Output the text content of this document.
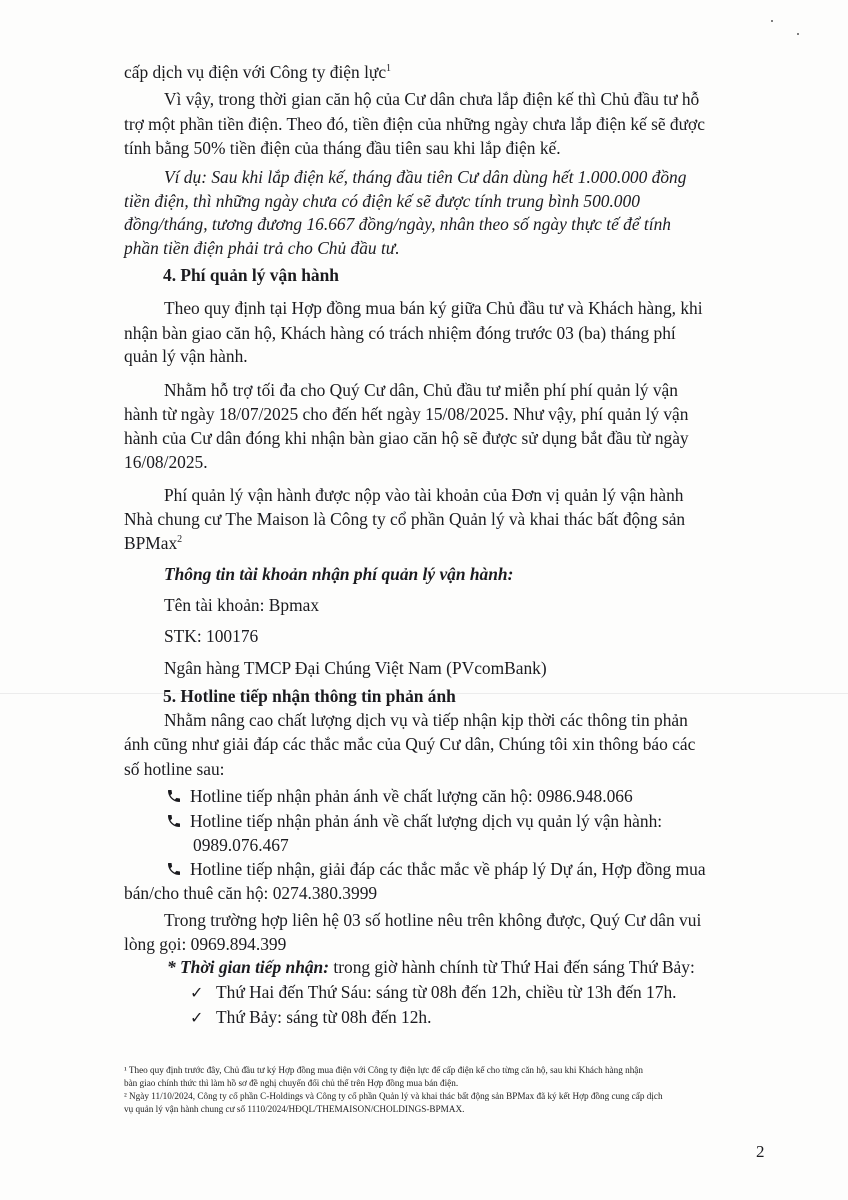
cấp dịch vụ điện với Công ty điện lực$^1$
Vì vậy, trong thời gian căn hộ của Cư dân chưa lắp điện kế thì Chủ đầu tư hỗ
trợ một phần tiền điện. Theo đó, tiền điện của những ngày chưa lắp điện kế sẽ được
tính bằng 50% tiền điện của tháng đầu tiên sau khi lắp điện kế.
Ví dụ: Sau khi lắp điện kế, tháng đầu tiên Cư dân dùng hết 1.000.000 đồng
tiền điện, thì những ngày chưa có điện kế sẽ được tính trung bình 500.000
đồng/tháng, tương đương 16.667 đồng/ngày, nhân theo số ngày thực tế để tính
phần tiền điện phải trả cho Chủ đầu tư.
4. Phí quản lý vận hành
Theo quy định tại Hợp đồng mua bán ký giữa Chủ đầu tư và Khách hàng, khi
nhận bàn giao căn hộ, Khách hàng có trách nhiệm đóng trước 03 (ba) tháng phí
quản lý vận hành.
Nhằm hỗ trợ tối đa cho Quý Cư dân, Chủ đầu tư miễn phí phí quản lý vận
hành từ ngày 18/07/2025 cho đến hết ngày 15/08/2025. Như vậy, phí quản lý vận
hành của Cư dân đóng khi nhận bàn giao căn hộ sẽ được sử dụng bắt đầu từ ngày
16/08/2025.
Phí quản lý vận hành được nộp vào tài khoản của Đơn vị quản lý vận hành
Nhà chung cư The Maison là Công ty cổ phần Quản lý và khai thác bất động sản
BPMax$^2$
Thông tin tài khoản nhận phí quản lý vận hành:
Tên tài khoản: Bpmax
STK: 100176
Ngân hàng TMCP Đại Chúng Việt Nam (PVcomBank)
5. Hotline tiếp nhận thông tin phản ánh
Nhằm nâng cao chất lượng dịch vụ và tiếp nhận kịp thời các thông tin phản
ánh cũng như giải đáp các thắc mắc của Quý Cư dân, Chúng tôi xin thông báo các
số hotline sau:
Hotline tiếp nhận phản ánh về chất lượng căn hộ: 0986.948.066
Hotline tiếp nhận phản ánh về chất lượng dịch vụ quản lý vận hành:
0989.076.467
Hotline tiếp nhận, giải đáp các thắc mắc về pháp lý Dự án, Hợp đồng mua
bán/cho thuê căn hộ: 0274.380.3999
Trong trường hợp liên hệ 03 số hotline nêu trên không được, Quý Cư dân vui
lòng gọi: 0969.894.399
* Thời gian tiếp nhận: trong giờ hành chính từ Thứ Hai đến sáng Thứ Bảy:
✓ Thứ Hai đến Thứ Sáu: sáng từ 08h đến 12h, chiều từ 13h đến 17h.
✓ Thứ Bảy: sáng từ 08h đến 12h.
¹ Theo quy định trước đây, Chủ đầu tư ký Hợp đồng mua điện với Công ty điện lực để cấp điện kế cho từng căn hộ, sau khi Khách hàng nhận
bàn giao chính thức thì làm hồ sơ đề nghị chuyển đổi chủ thể trên Hợp đồng mua bán điện.
² Ngày 11/10/2024, Công ty cổ phần C-Holdings và Công ty cổ phần Quản lý và khai thác bất động sản BPMax đã ký kết Hợp đồng cung cấp dịch
vụ quản lý vận hành chung cư số 1110/2024/HĐQL/THEMAISON/CHOLDINGS-BPMAX.
2
